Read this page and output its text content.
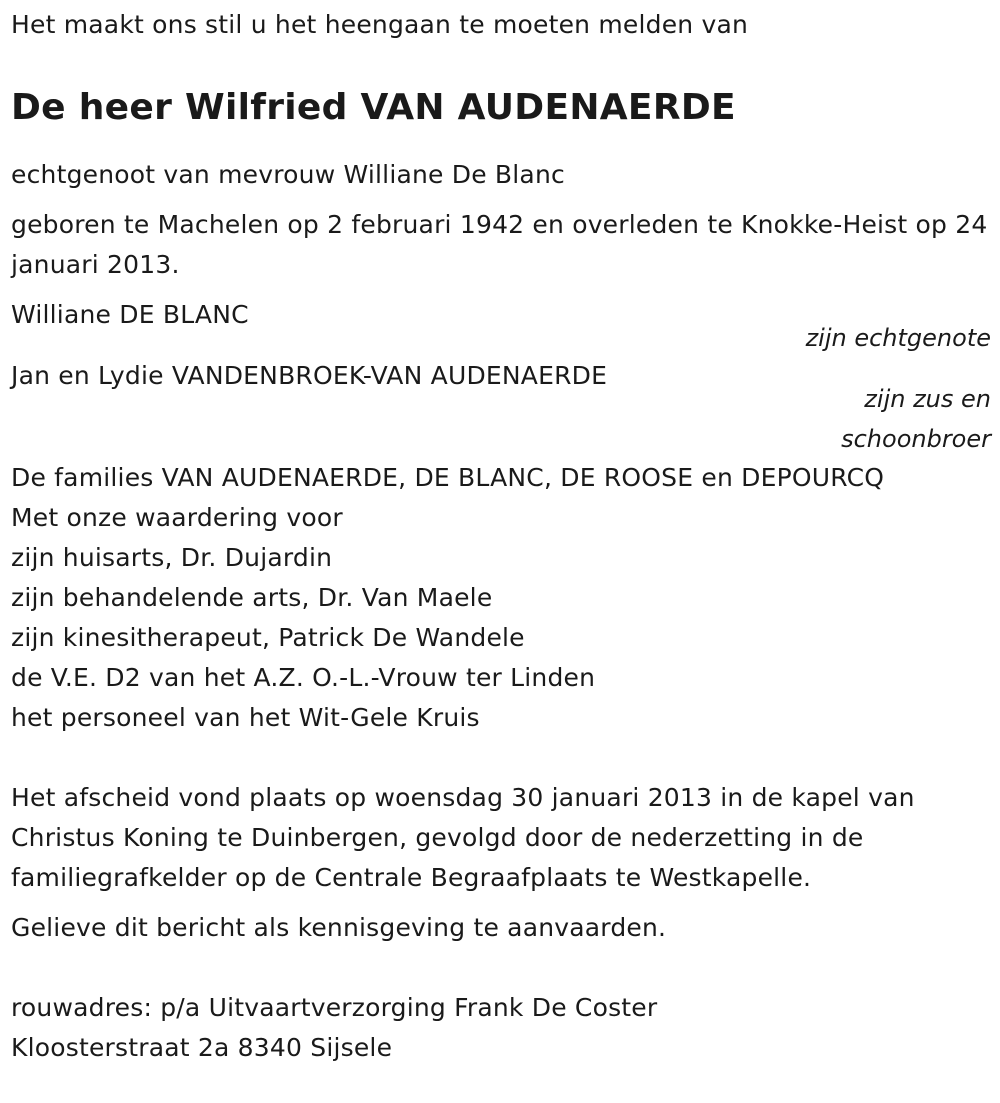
Het maakt ons stil u het heengaan te moeten melden van
De heer Wilfried VAN AUDENAERDE
echtgenoot van mevrouw Williane De Blanc
geboren te Machelen op 2 februari 1942 en overleden te Knokke-Heist op 24 januari 2013.
Williane DE BLANC
zijn echtgenote
Jan en Lydie VANDENBROEK-VAN AUDENAERDE
zijn zus en schoonbroer
De families VAN AUDENAERDE, DE BLANC, DE ROOSE en DEPOURCQ
Met onze waardering voor
zijn huisarts, Dr. Dujardin
zijn behandelende arts, Dr. Van Maele
zijn kinesitherapeut, Patrick De Wandele
de V.E. D2 van het A.Z. O.-L.-Vrouw ter Linden
het personeel van het Wit-Gele Kruis
Het afscheid vond plaats op woensdag 30 januari 2013 in de kapel van Christus Koning te Duinbergen, gevolgd door de nederzetting in de familiegrafkelder op de Centrale Begraafplaats te Westkapelle.
Gelieve dit bericht als kennisgeving te aanvaarden.
rouwadres: p/a Uitvaartverzorging Frank De Coster
Kloosterstraat 2a 8340 Sijsele
